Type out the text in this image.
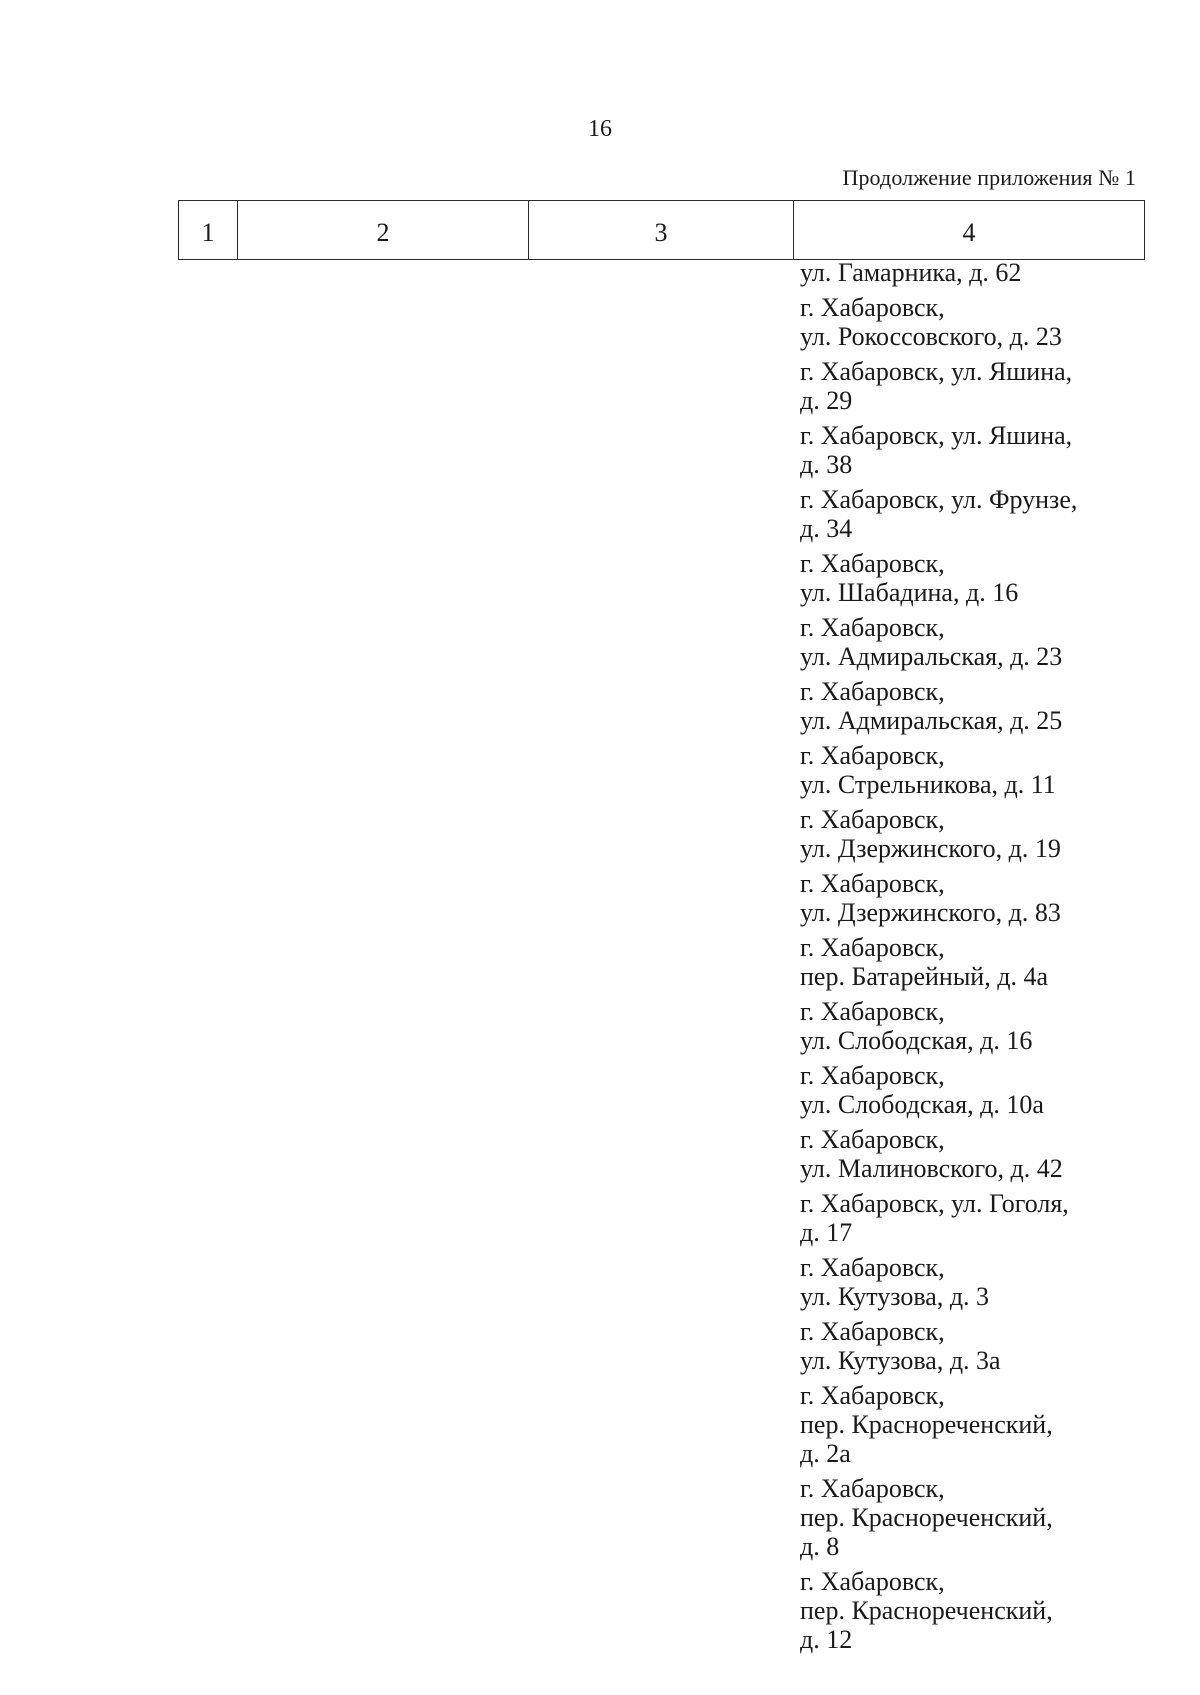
16
Продолжение приложения № 1
1	2	3	4
ул. Гамарника, д. 62
г. Хабаровск,
ул. Рокоссовского, д. 23
г. Хабаровск, ул. Яшина,
д. 29
г. Хабаровск, ул. Яшина,
д. 38
г. Хабаровск, ул. Фрунзе,
д. 34
г. Хабаровск,
ул. Шабадина, д. 16
г. Хабаровск,
ул. Адмиральская, д. 23
г. Хабаровск,
ул. Адмиральская, д. 25
г. Хабаровск,
ул. Стрельникова, д. 11
г. Хабаровск,
ул. Дзержинского, д. 19
г. Хабаровск,
ул. Дзержинского, д. 83
г. Хабаровск,
пер. Батарейный, д. 4а
г. Хабаровск,
ул. Слободская, д. 16
г. Хабаровск,
ул. Слободская, д. 10а
г. Хабаровск,
ул. Малиновского, д. 42
г. Хабаровск, ул. Гоголя,
д. 17
г. Хабаровск,
ул. Кутузова, д. 3
г. Хабаровск,
ул. Кутузова, д. 3а
г. Хабаровск,
пер. Краснореченский,
д. 2а
г. Хабаровск,
пер. Краснореченский,
д. 8
г. Хабаровск,
пер. Краснореченский,
д. 12
